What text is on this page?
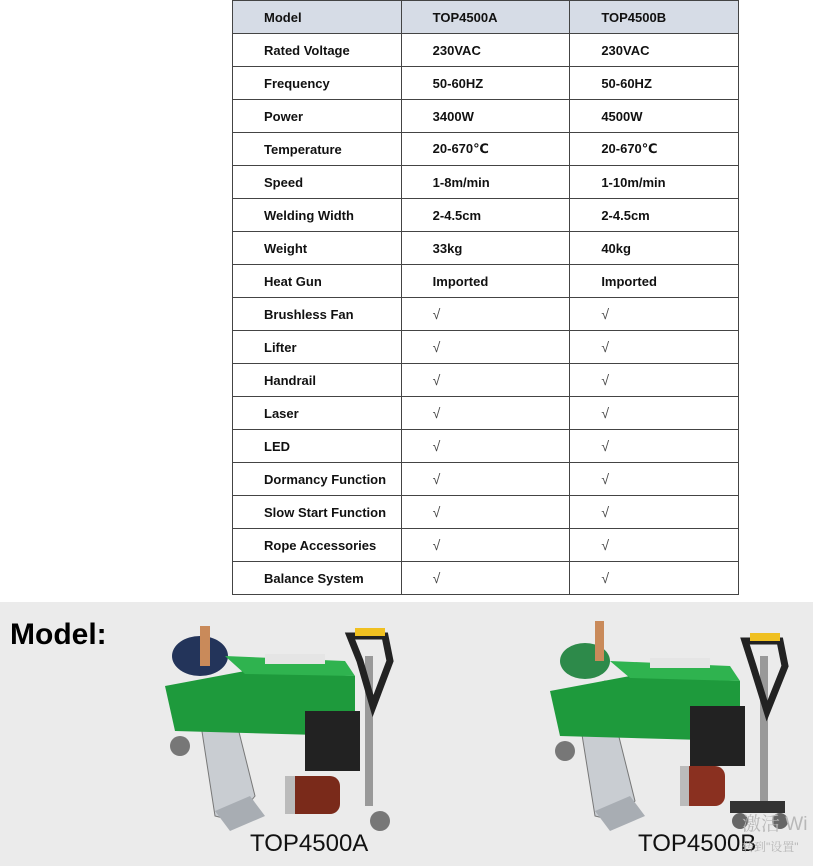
Model	TOP4500A	TOP4500B
Rated Voltage	230VAC	230VAC
Frequency	50-60HZ	50-60HZ
Power	3400W	4500W
Temperature	20-670℃	20-670℃
Speed	1-8m/min	1-10m/min
Welding Width	2-4.5cm	2-4.5cm
Weight	33kg	40kg
Heat Gun	Imported	Imported
Brushless Fan	√	√
Lifter	√	√
Handrail	√	√
Laser	√	√
LED	√	√
Dormancy Function	√	√
Slow Start Function	√	√
Rope Accessories	√	√
Balance System	√	√
Model:
TOP4500A	TOP4500B
激活 Wi
转到"设置"
